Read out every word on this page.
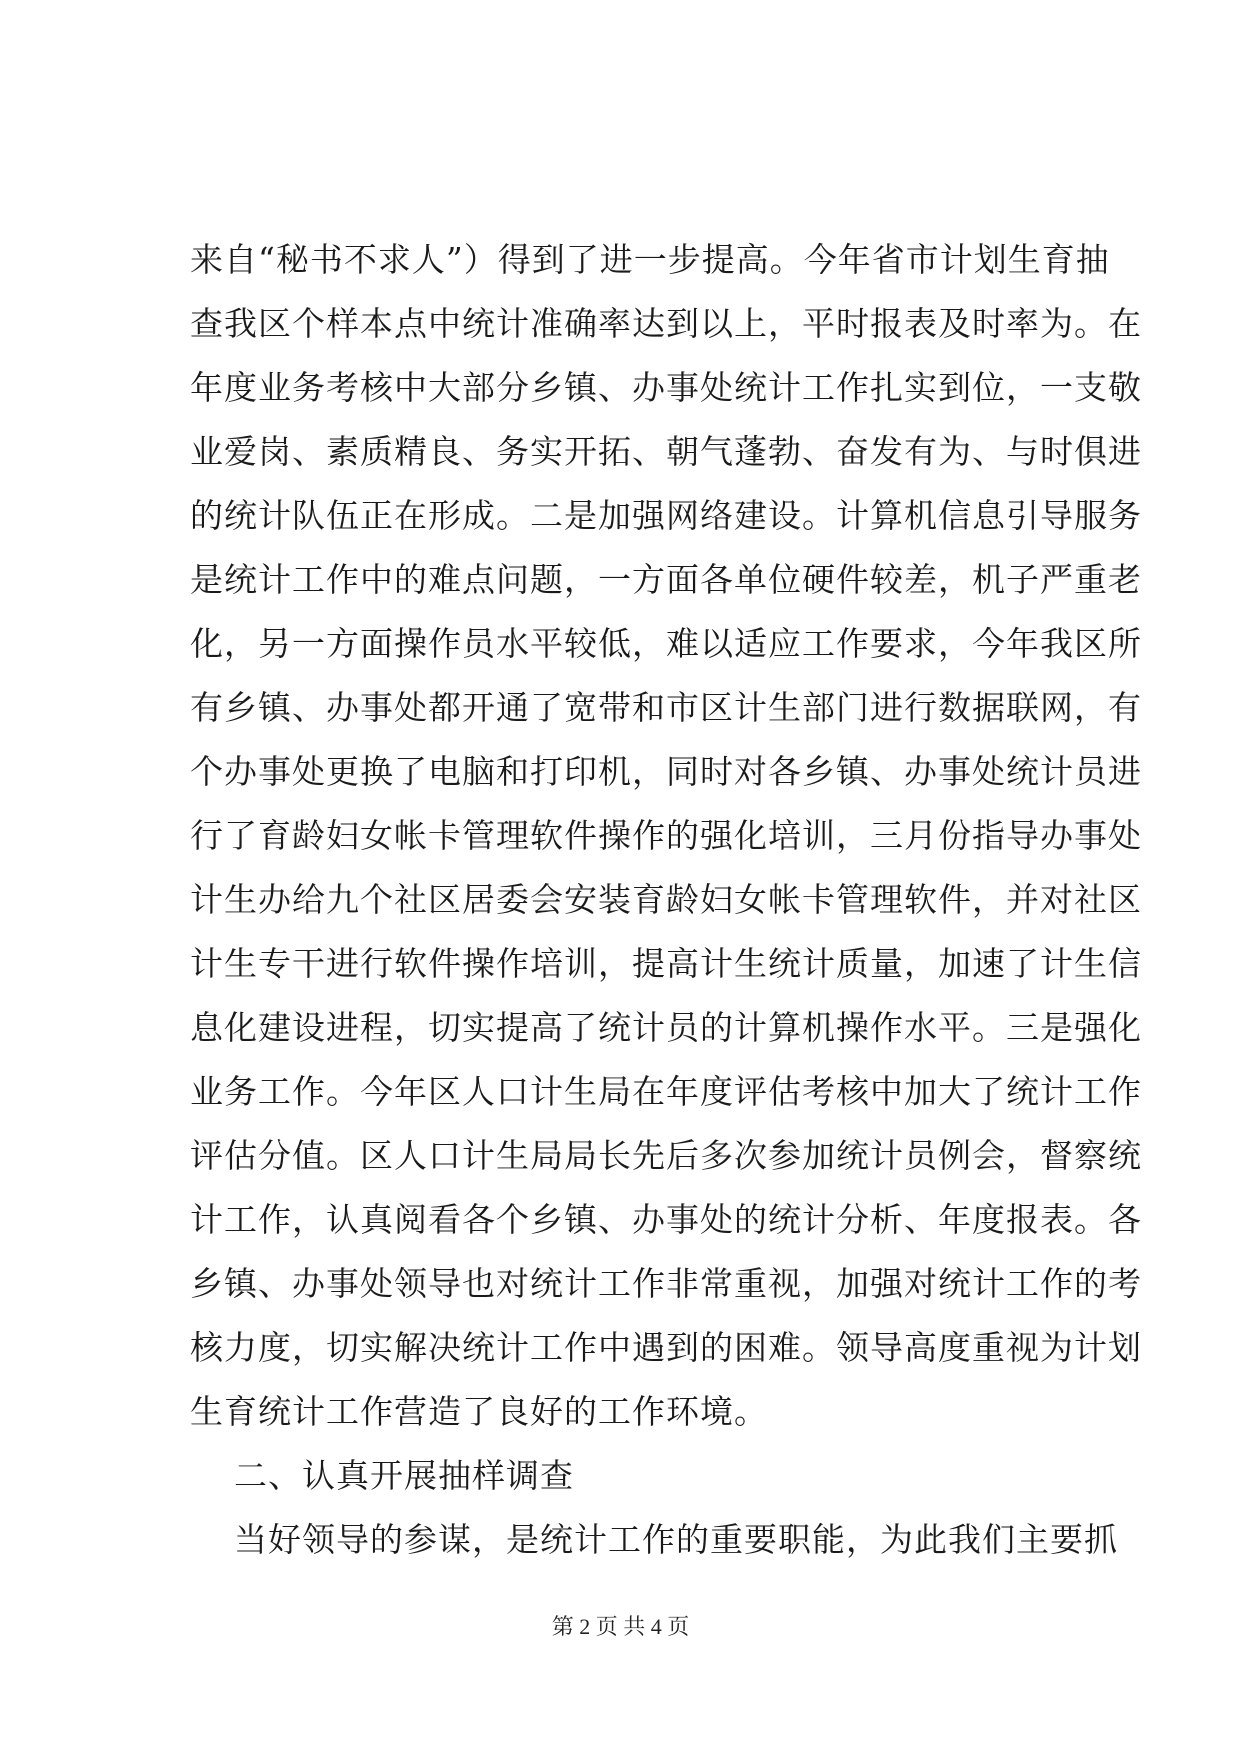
来自“秘书不求人”）得到了进一步提高。今年省市计划生育抽
查我区个样本点中统计准确率达到以上，平时报表及时率为。在
年度业务考核中大部分乡镇、办事处统计工作扎实到位，一支敬
业爱岗、素质精良、务实开拓、朝气蓬勃、奋发有为、与时俱进
的统计队伍正在形成。二是加强网络建设。计算机信息引导服务
是统计工作中的难点问题，一方面各单位硬件较差，机子严重老
化，另一方面操作员水平较低，难以适应工作要求，今年我区所
有乡镇、办事处都开通了宽带和市区计生部门进行数据联网，有
个办事处更换了电脑和打印机，同时对各乡镇、办事处统计员进
行了育龄妇女帐卡管理软件操作的强化培训，三月份指导办事处
计生办给九个社区居委会安装育龄妇女帐卡管理软件，并对社区
计生专干进行软件操作培训，提高计生统计质量，加速了计生信
息化建设进程，切实提高了统计员的计算机操作水平。三是强化
业务工作。今年区人口计生局在年度评估考核中加大了统计工作
评估分值。区人口计生局局长先后多次参加统计员例会，督察统
计工作，认真阅看各个乡镇、办事处的统计分析、年度报表。各
乡镇、办事处领导也对统计工作非常重视，加强对统计工作的考
核力度，切实解决统计工作中遇到的困难。领导高度重视为计划
生育统计工作营造了良好的工作环境。
二、认真开展抽样调查
当好领导的参谋，是统计工作的重要职能，为此我们主要抓
第 2 页 共 4 页
